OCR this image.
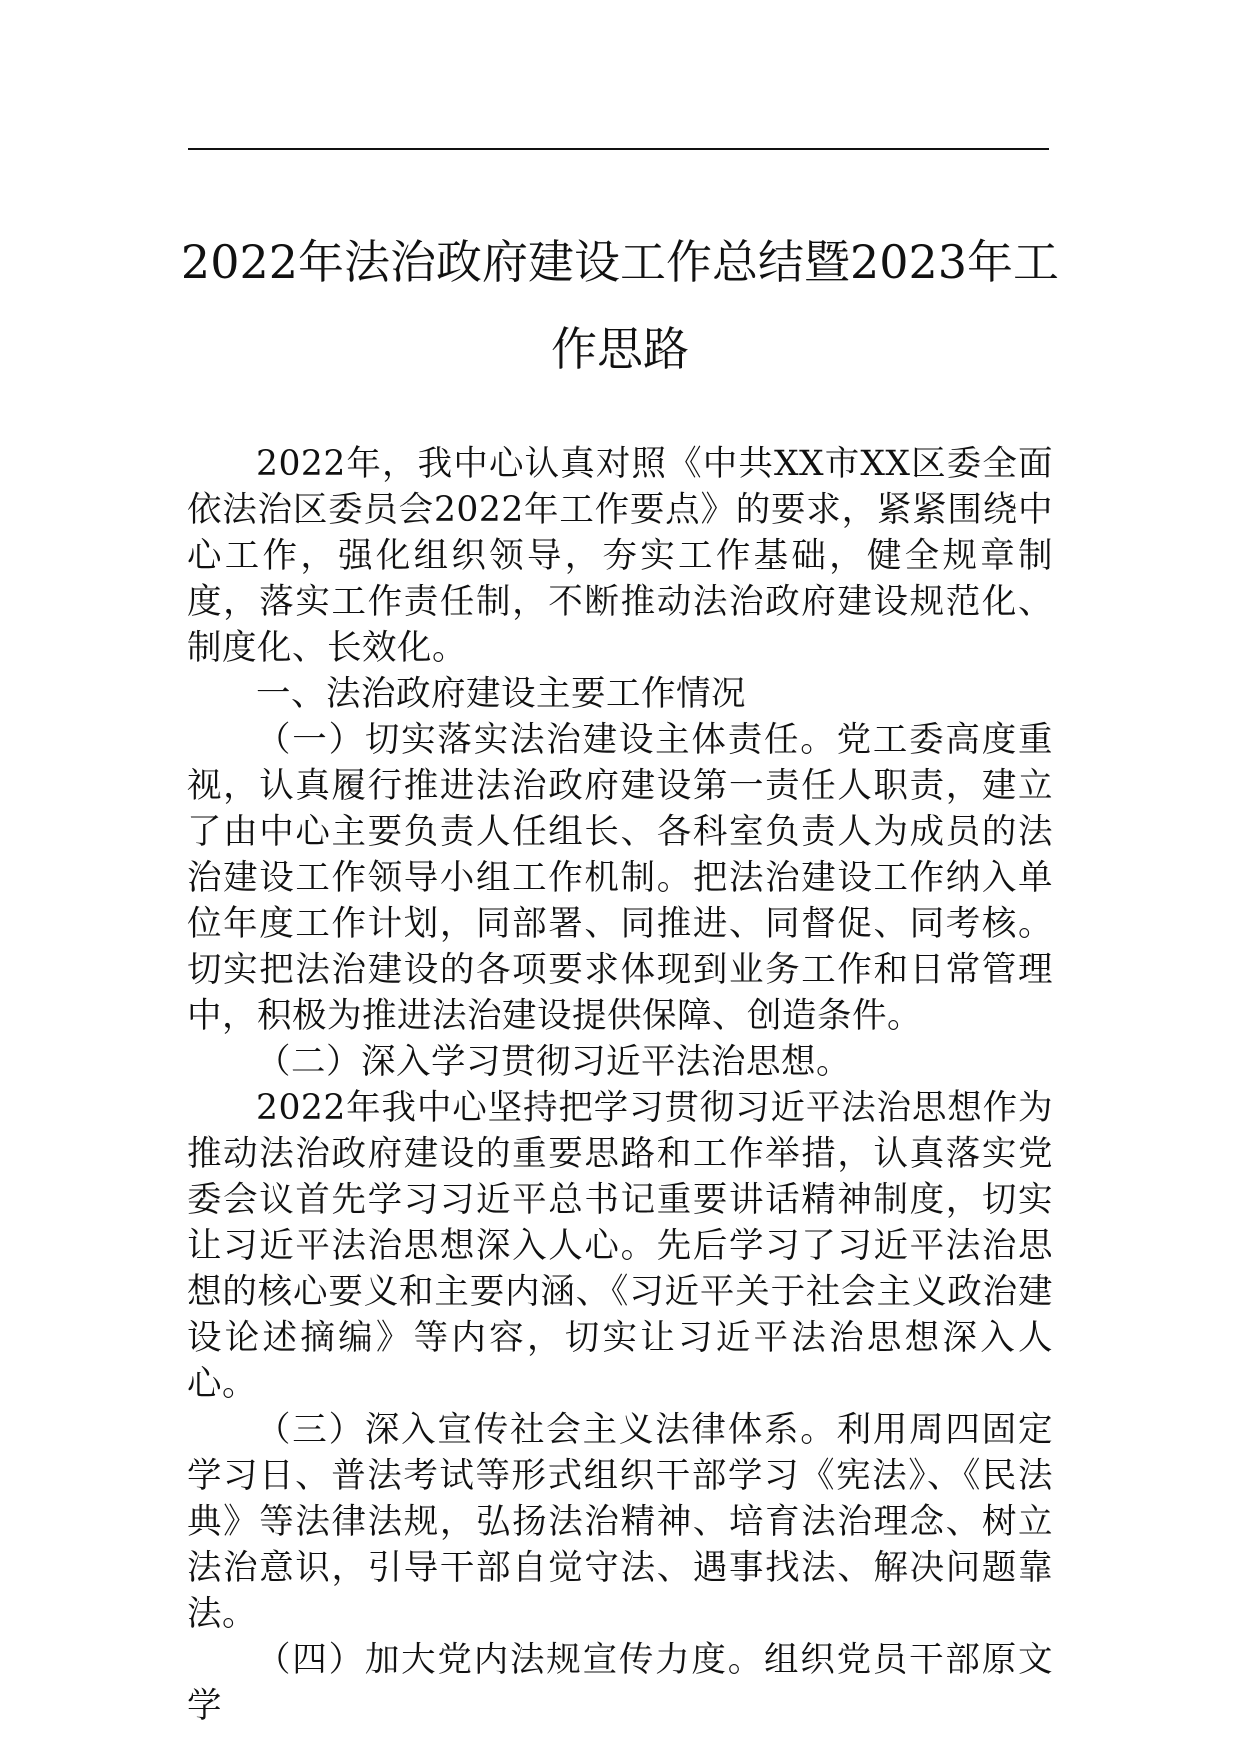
2022年法治政府建设工作总结暨2023年工
作思路

2022年，我中心认真对照《中共XX市XX区委全面依法治区委员会2022年工作要点》的要求，紧紧围绕中心工作，强化组织领导，夯实工作基础，健全规章制度，落实工作责任制，不断推动法治政府建设规范化、制度化、长效化。

一、法治政府建设主要工作情况

（一）切实落实法治建设主体责任。党工委高度重视，认真履行推进法治政府建设第一责任人职责，建立了由中心主要负责人任组长、各科室负责人为成员的法治建设工作领导小组工作机制。把法治建设工作纳入单位年度工作计划，同部署、同推进、同督促、同考核。切实把法治建设的各项要求体现到业务工作和日常管理中，积极为推进法治建设提供保障、创造条件。

（二）深入学习贯彻习近平法治思想。

2022年我中心坚持把学习贯彻习近平法治思想作为推动法治政府建设的重要思路和工作举措，认真落实党委会议首先学习习近平总书记重要讲话精神制度，切实让习近平法治思想深入人心。先后学习了习近平法治思想的核心要义和主要内涵、《习近平关于社会主义政治建设论述摘编》等内容，切实让习近平法治思想深入人心。

（三）深入宣传社会主义法律体系。利用周四固定学习日、普法考试等形式组织干部学习《宪法》、《民法典》等法律法规，弘扬法治精神、培育法治理念、树立法治意识，引导干部自觉守法、遇事找法、解决问题靠法。

（四）加大党内法规宣传力度。组织党员干部原文学
